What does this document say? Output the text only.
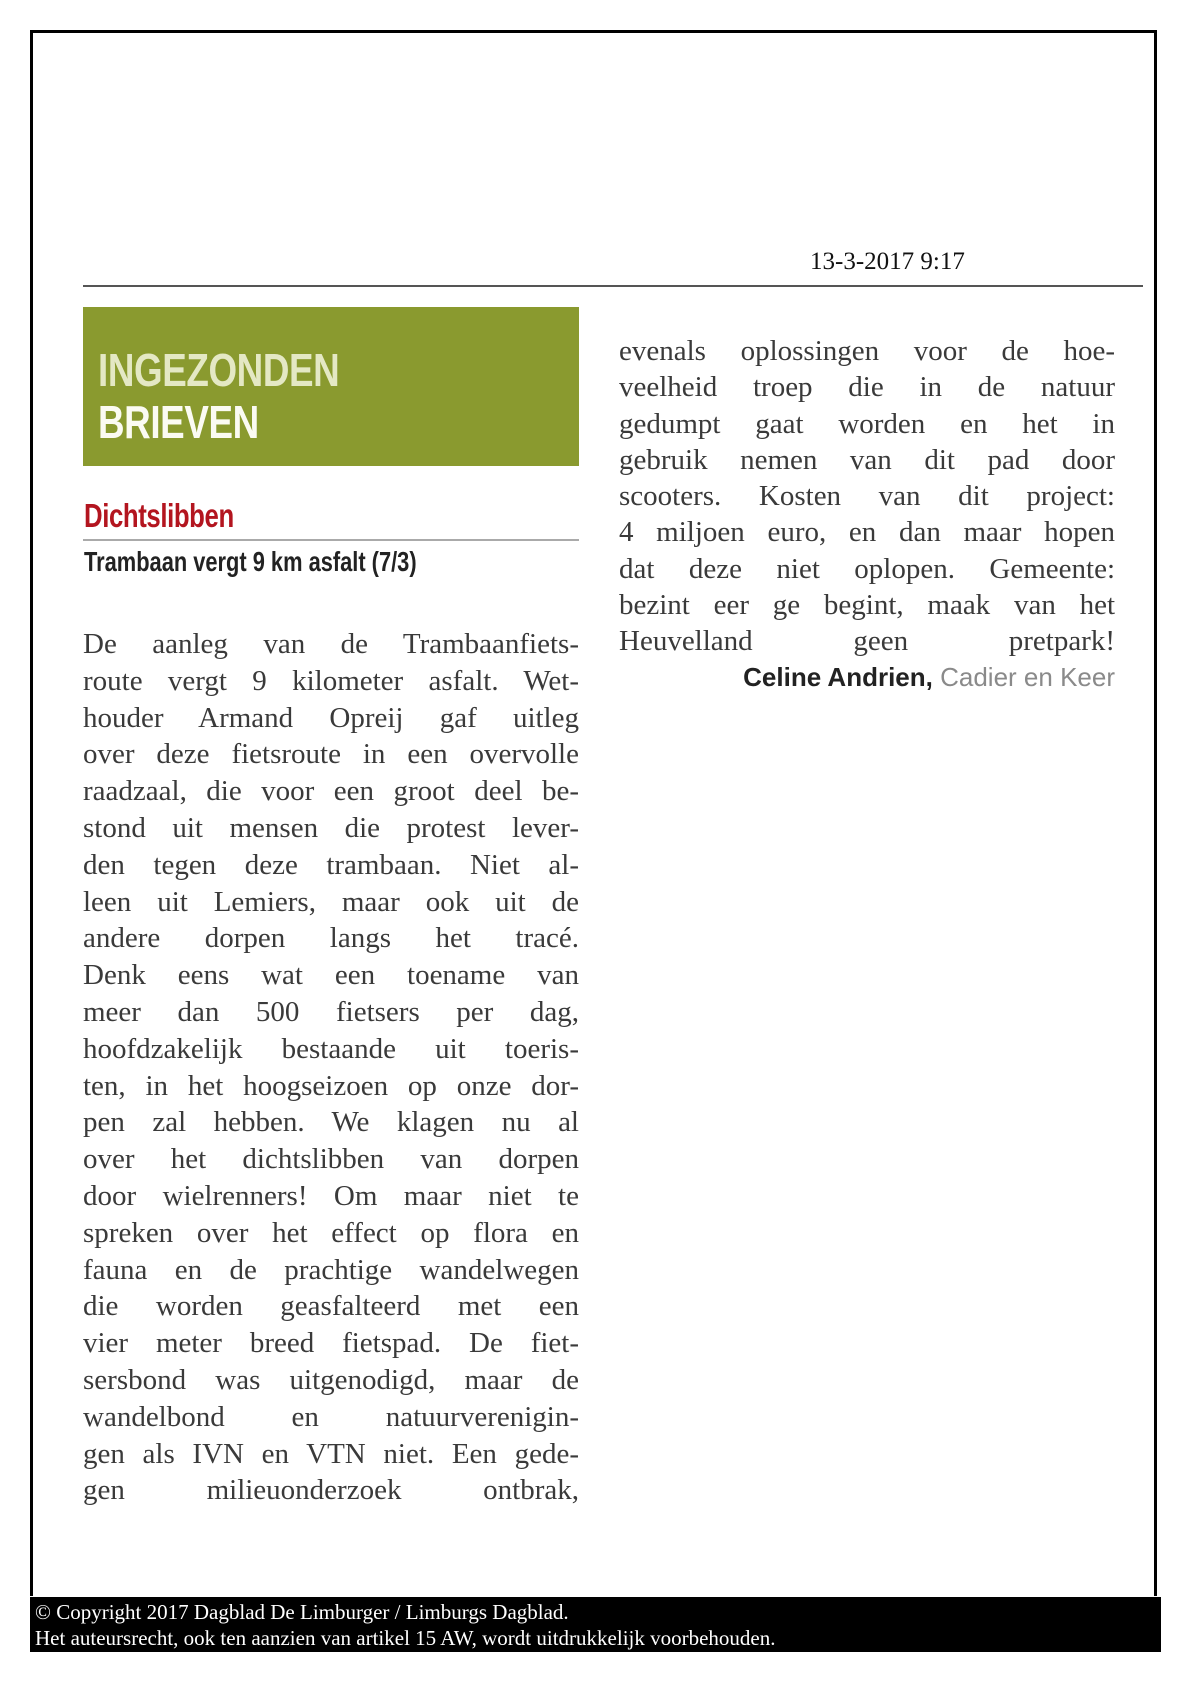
13-3-2017 9:17
INGEZONDEN
BRIEVEN
Dichtslibben
Trambaan vergt 9 km asfalt (7/3)
De aanleg van de Trambaanfiets-
route vergt 9 kilometer asfalt. Wet-
houder Armand Opreij gaf uitleg
over deze fietsroute in een overvolle
raadzaal, die voor een groot deel be-
stond uit mensen die protest lever-
den tegen deze trambaan. Niet al-
leen uit Lemiers, maar ook uit de
andere dorpen langs het tracé.
Denk eens wat een toename van
meer dan 500 fietsers per dag,
hoofdzakelijk bestaande uit toeris-
ten, in het hoogseizoen op onze dor-
pen zal hebben. We klagen nu al
over het dichtslibben van dorpen
door wielrenners! Om maar niet te
spreken over het effect op flora en
fauna en de prachtige wandelwegen
die worden geasfalteerd met een
vier meter breed fietspad. De fiet-
sersbond was uitgenodigd, maar de
wandelbond en natuurverenigin-
gen als IVN en VTN niet. Een gede-
gen milieuonderzoek ontbrak,
evenals oplossingen voor de hoe-
veelheid troep die in de natuur
gedumpt gaat worden en het in
gebruik nemen van dit pad door
scooters. Kosten van dit project:
4 miljoen euro, en dan maar hopen
dat deze niet oplopen. Gemeente:
bezint eer ge begint, maak van het
Heuvelland geen pretpark!
Celine Andrien, Cadier en Keer
© Copyright 2017 Dagblad De Limburger / Limburgs Dagblad.
Het auteursrecht, ook ten aanzien van artikel 15 AW, wordt uitdrukkelijk voorbehouden.
